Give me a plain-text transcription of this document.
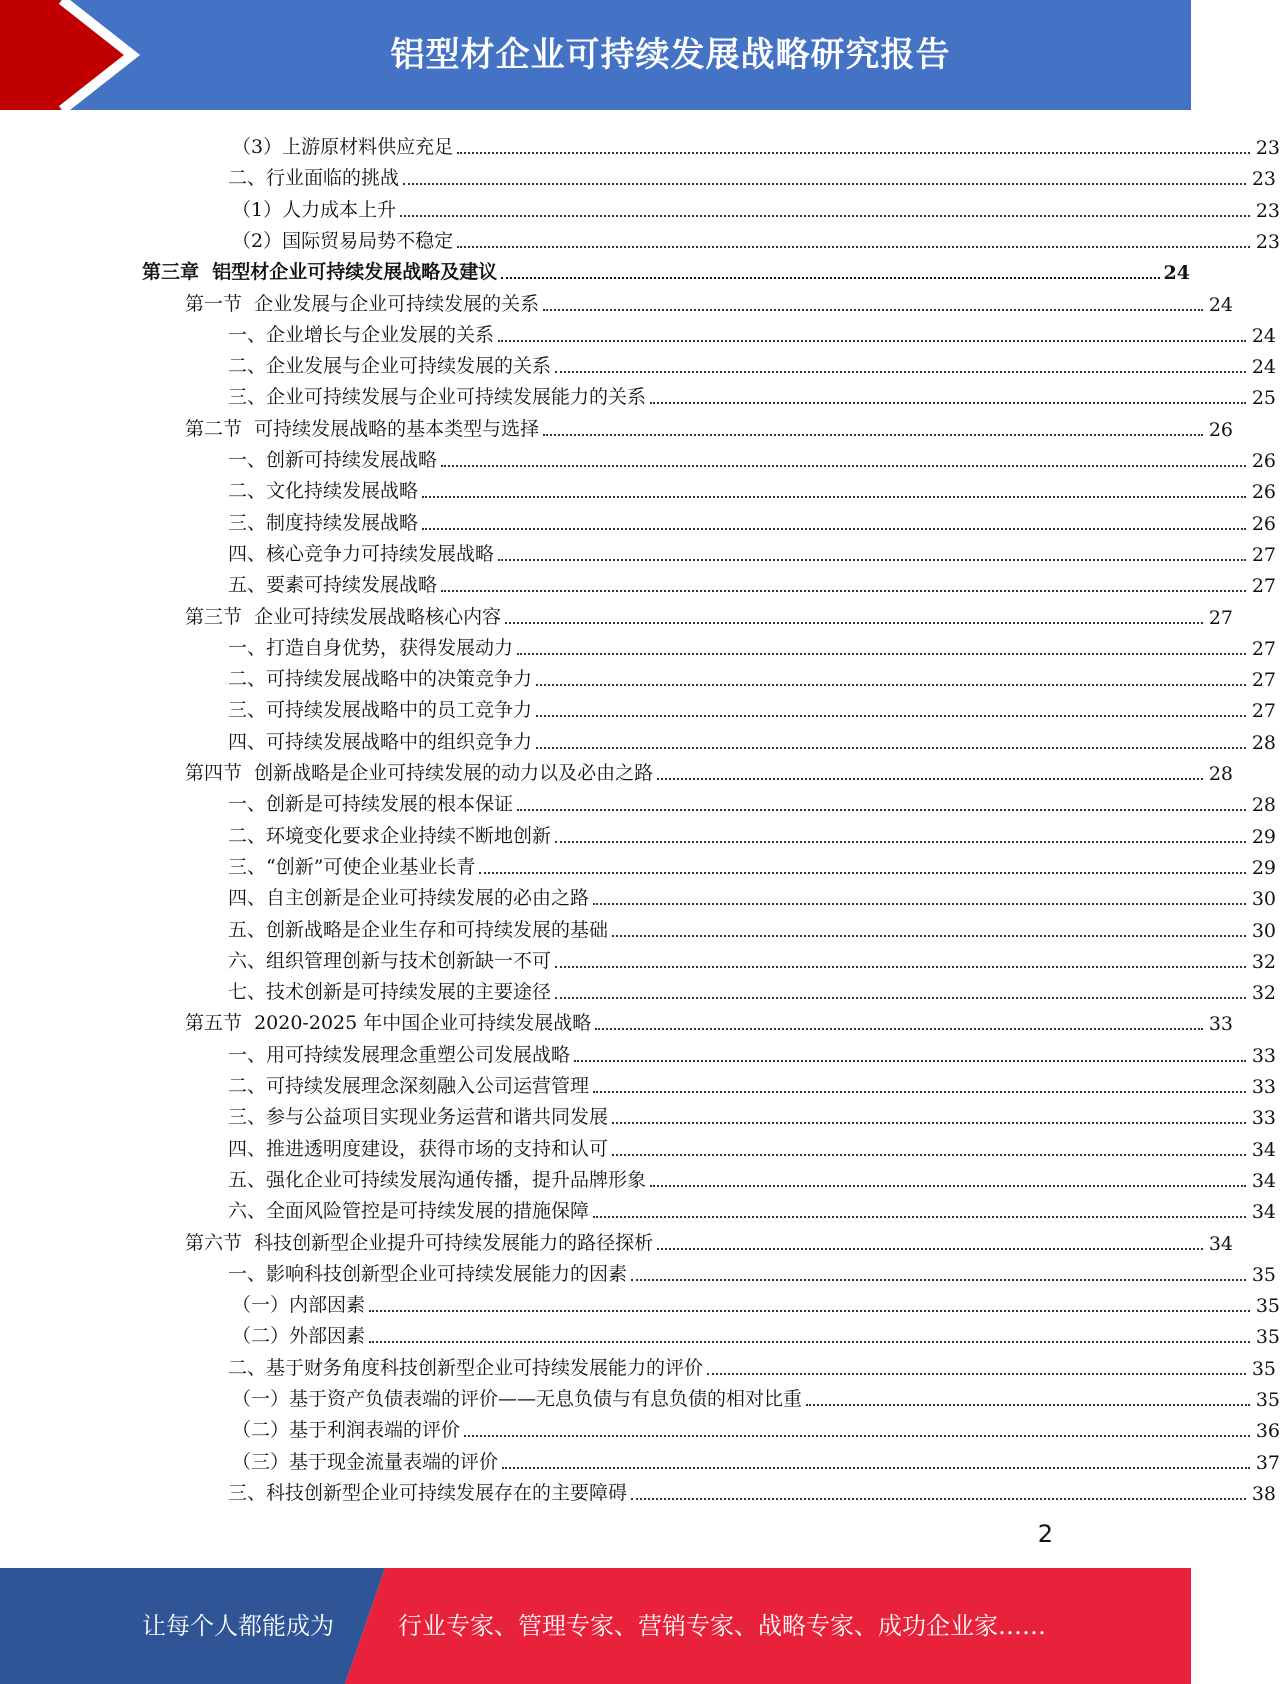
铝型材企业可持续发展战略研究报告
（3）上游原材料供应充足	23
二、行业面临的挑战	23
（1）人力成本上升	23
（2）国际贸易局势不稳定	23
第三章  铝型材企业可持续发展战略及建议	24
第一节  企业发展与企业可持续发展的关系	24
一、企业增长与企业发展的关系	24
二、企业发展与企业可持续发展的关系	24
三、企业可持续发展与企业可持续发展能力的关系	25
第二节  可持续发展战略的基本类型与选择	26
一、创新可持续发展战略	26
二、文化持续发展战略	26
三、制度持续发展战略	26
四、核心竞争力可持续发展战略	27
五、要素可持续发展战略	27
第三节  企业可持续发展战略核心内容	27
一、打造自身优势，获得发展动力	27
二、可持续发展战略中的决策竞争力	27
三、可持续发展战略中的员工竞争力	27
四、可持续发展战略中的组织竞争力	28
第四节  创新战略是企业可持续发展的动力以及必由之路	28
一、创新是可持续发展的根本保证	28
二、环境变化要求企业持续不断地创新	29
三、“创新”可使企业基业长青	29
四、自主创新是企业可持续发展的必由之路	30
五、创新战略是企业生存和可持续发展的基础	30
六、组织管理创新与技术创新缺一不可	32
七、技术创新是可持续发展的主要途径	32
第五节  2020-2025 年中国企业可持续发展战略	33
一、用可持续发展理念重塑公司发展战略	33
二、可持续发展理念深刻融入公司运营管理	33
三、参与公益项目实现业务运营和谐共同发展	33
四、推进透明度建设，获得市场的支持和认可	34
五、强化企业可持续发展沟通传播，提升品牌形象	34
六、全面风险管控是可持续发展的措施保障	34
第六节  科技创新型企业提升可持续发展能力的路径探析	34
一、影响科技创新型企业可持续发展能力的因素	35
（一）内部因素	35
（二）外部因素	35
二、基于财务角度科技创新型企业可持续发展能力的评价	35
（一）基于资产负债表端的评价——无息负债与有息负债的相对比重	35
（二）基于利润表端的评价	36
（三）基于现金流量表端的评价	37
三、科技创新型企业可持续发展存在的主要障碍	38
2
让每个人都能成为	行业专家、管理专家、营销专家、战略专家、成功企业家……
